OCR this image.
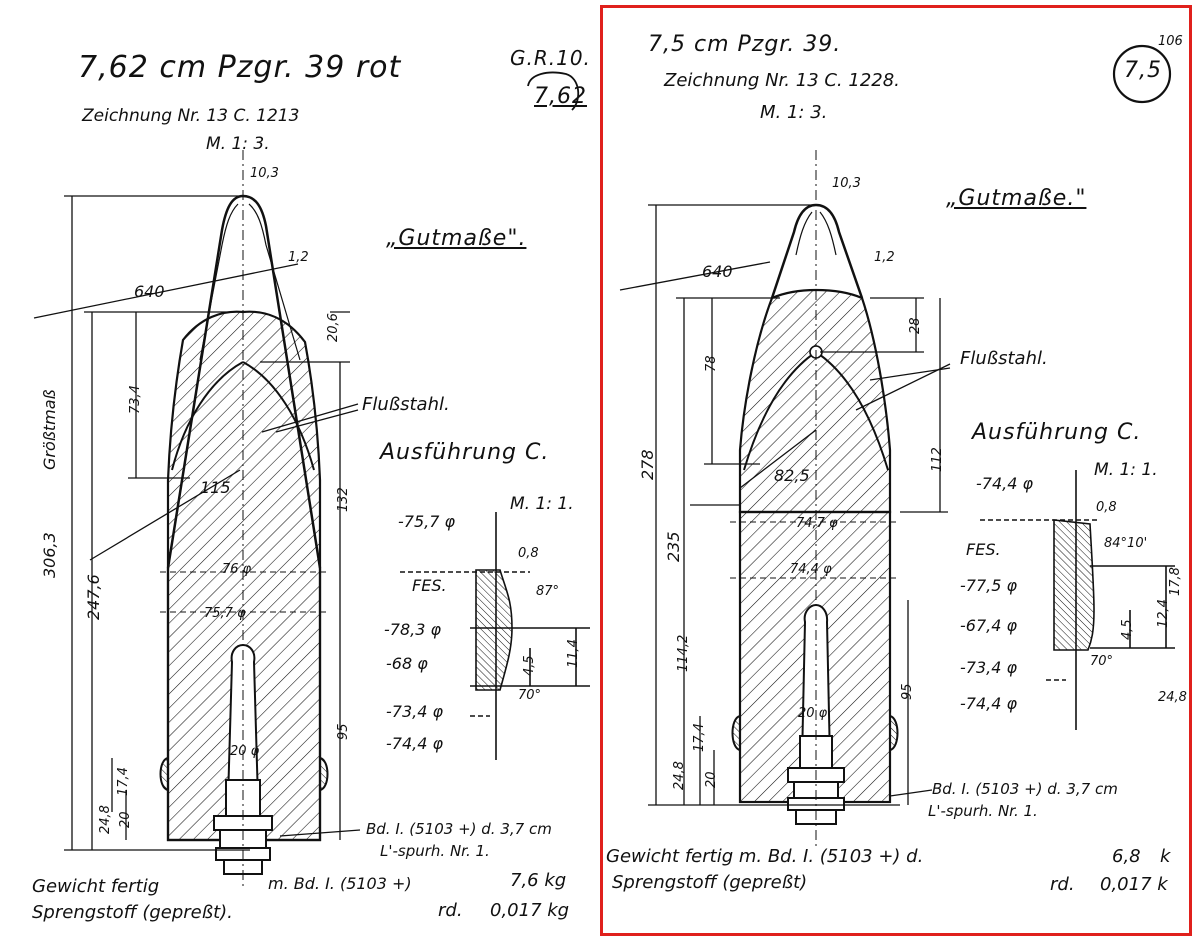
7,62 cm Pzgr. 39 rot
Zeichnung Nr. 13 C. 1213
M. 1: 3.
G.R.10.
7,62
„Gutmaße".
Flußstahl.
Ausführung C.
M. 1: 1.
10,3
1,2
640
115
20,6
73,4
132
306,3
Größtmaß
247,6
76 φ
75,7 φ
95
20 φ
17,4
24,8 20
-75,7 φ
FES.
-78,3 φ
-68 φ
-73,4 φ
-74,4 φ
0,8
87°
70°
11,4
4,5
Bd. I. (5103 +) d. 3,7 cm
L'-spurh. Nr. 1.
Gewicht fertig	m. Bd. I. (5103 +)	7,6 kg
Sprengstoff (gepreßt).	rd. 0,017 kg
7,5 cm Pzgr. 39.
Zeichnung Nr. 13 C. 1228.
M. 1: 3.
7,5
106
„Gutmaße."
Flußstahl.
Ausführung C.
M. 1: 1.
10,3
1,2
640
28
78
82,5
278
235
112
74,7 φ
74,4 φ
114,2
95
20 φ
17,4
24,8 20
-74,4 φ
0,8
FES.	84°10'
-77,5 φ
-67,4 φ
-73,4 φ
-74,4 φ
12,4
4,5
70°
17,8
24,8
Bd. I. (5103 +) d. 3,7 cm
L'-spurh. Nr. 1.
Gewicht fertig m. Bd. I. (5103 +) d.	6,8 k
Sprengstoff (gepreßt)	rd. 0,017 k
